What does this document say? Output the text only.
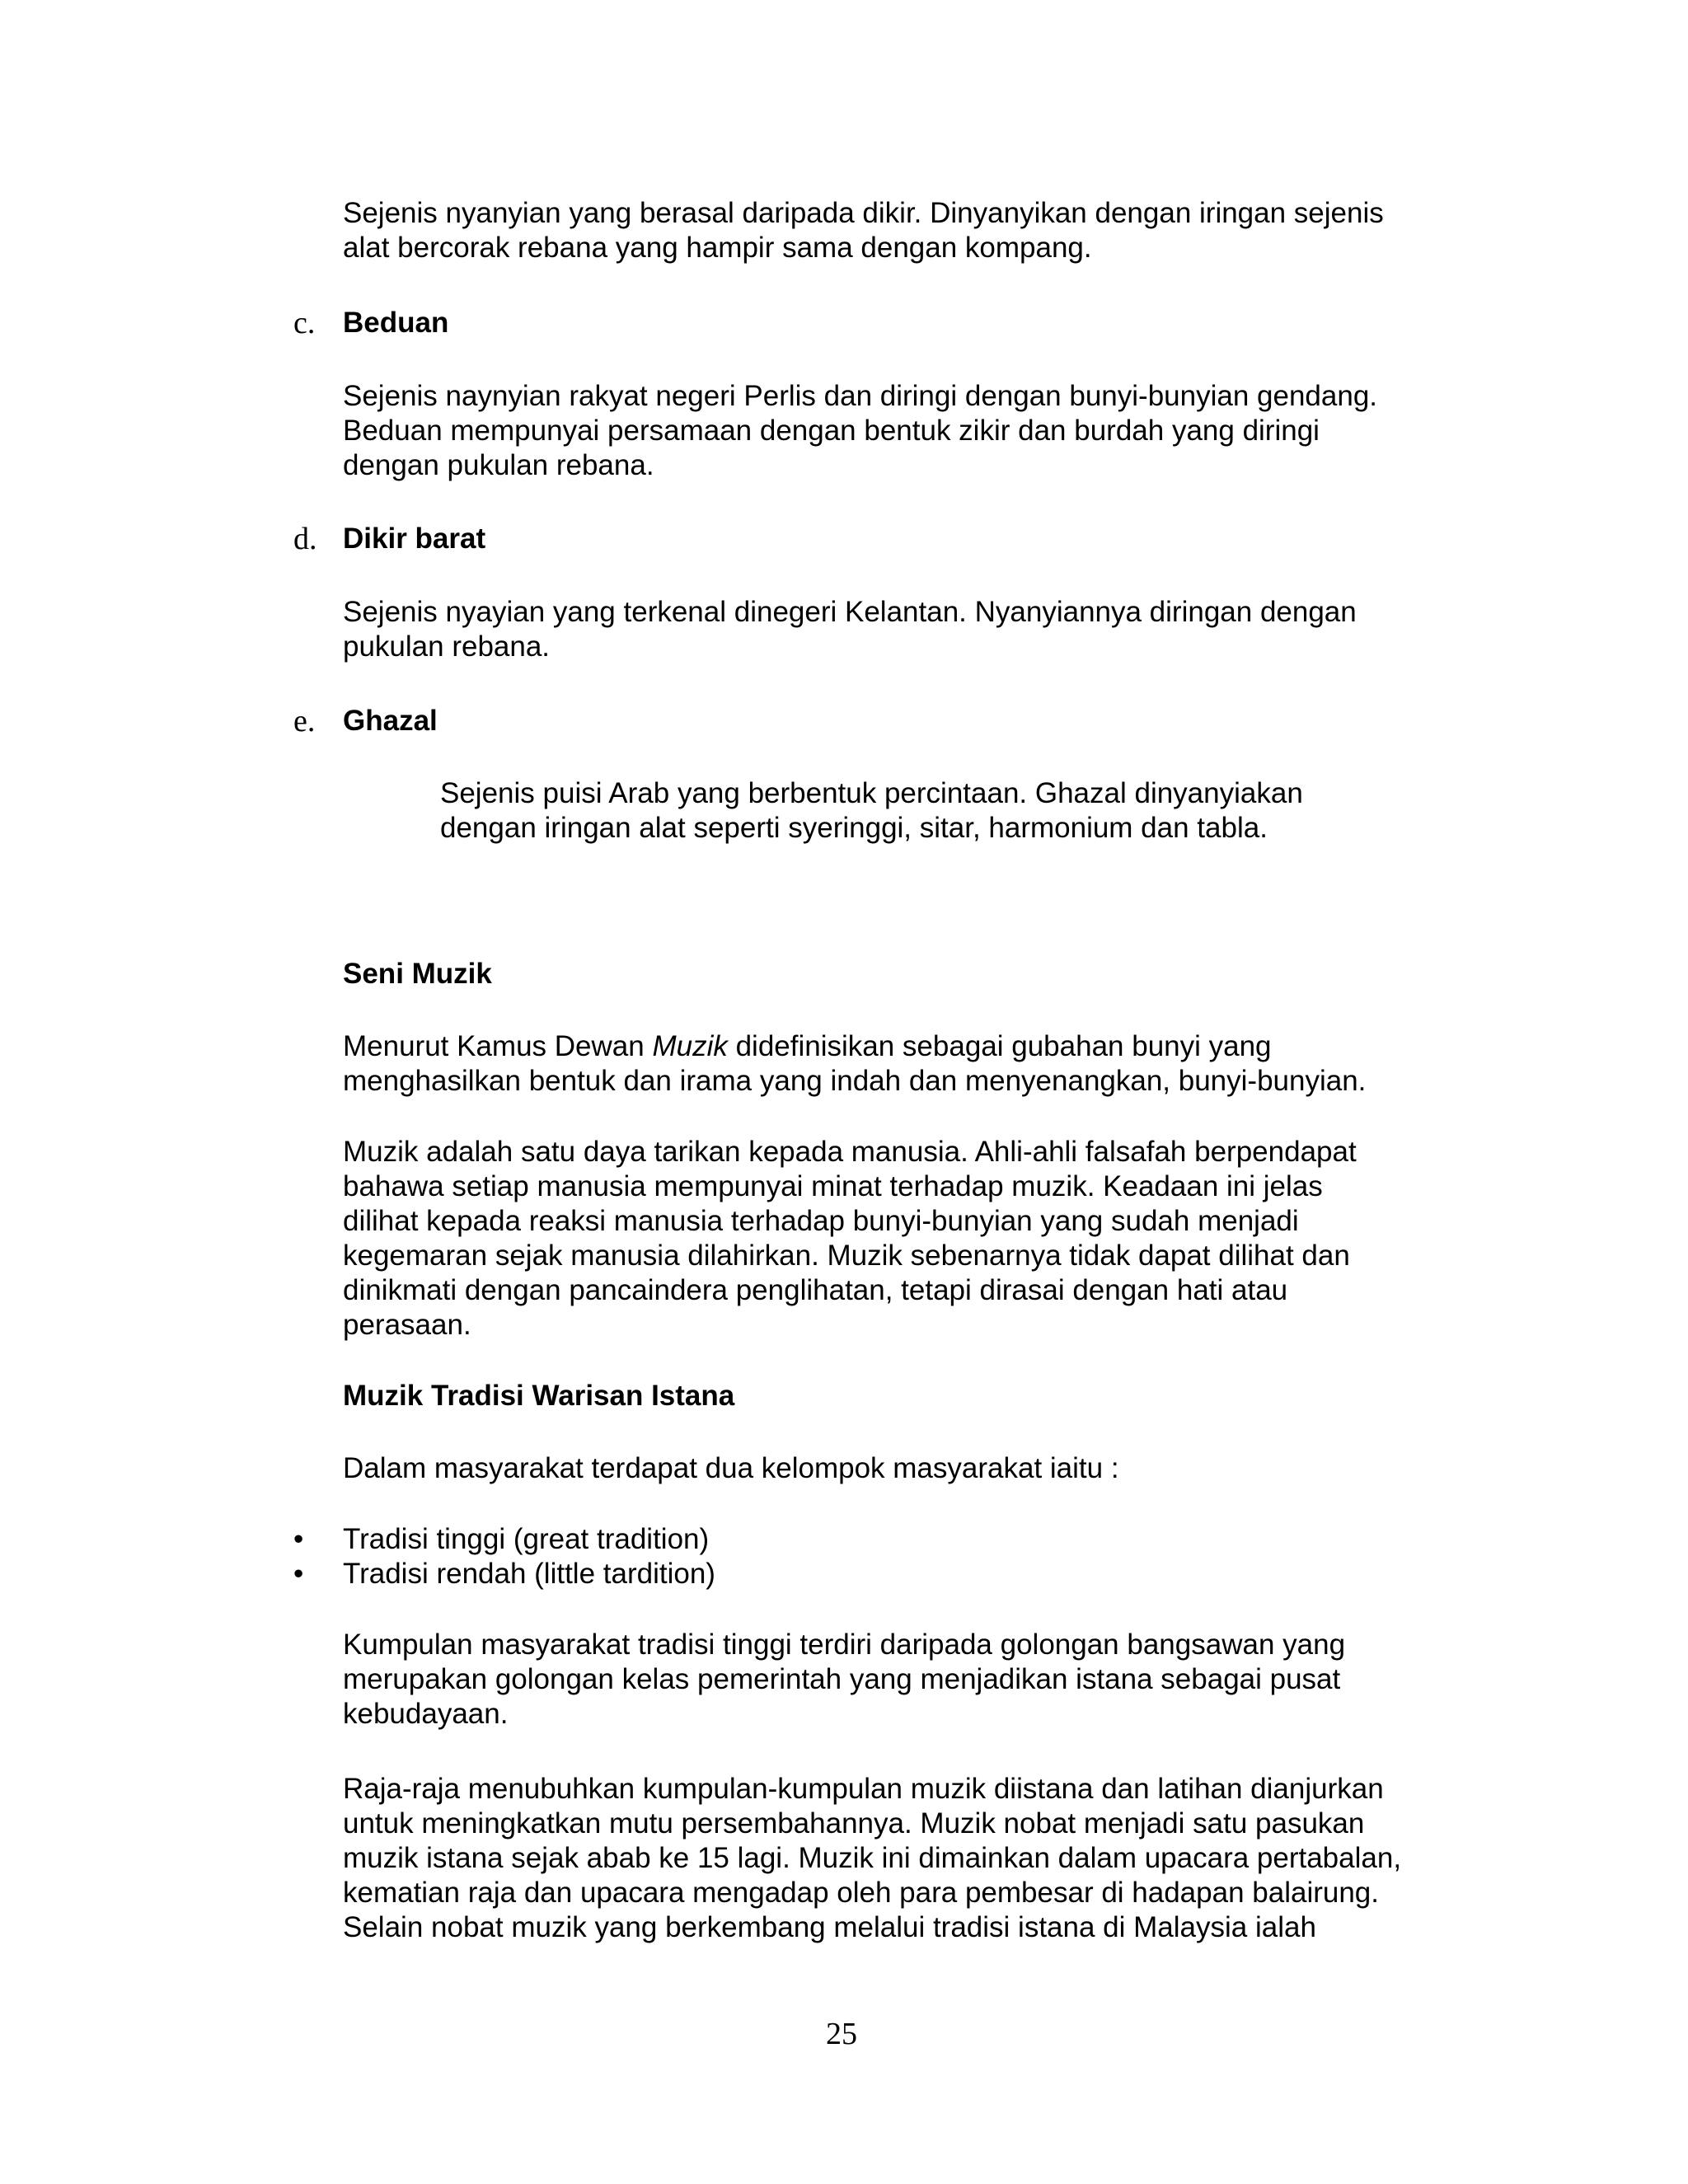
Sejenis nyanyian yang berasal daripada dikir. Dinyanyikan dengan iringan sejenis
alat bercorak rebana yang hampir sama dengan kompang.

c. Beduan

Sejenis naynyian rakyat negeri Perlis dan diringi dengan bunyi-bunyian gendang.
Beduan mempunyai persamaan dengan bentuk zikir dan burdah yang diringi
dengan pukulan rebana.

d. Dikir barat

Sejenis nyayian yang terkenal dinegeri Kelantan. Nyanyiannya diringan dengan
pukulan rebana.

e. Ghazal

Sejenis puisi Arab yang berbentuk percintaan. Ghazal dinyanyiakan
dengan iringan alat seperti syeringgi, sitar, harmonium dan tabla.

Seni Muzik

Menurut Kamus Dewan Muzik didefinisikan sebagai gubahan bunyi yang
menghasilkan bentuk dan irama yang indah dan menyenangkan, bunyi-bunyian.

Muzik adalah satu daya tarikan kepada manusia. Ahli-ahli falsafah berpendapat
bahawa setiap manusia mempunyai minat terhadap muzik. Keadaan ini jelas
dilihat kepada reaksi manusia terhadap bunyi-bunyian yang sudah menjadi
kegemaran sejak manusia dilahirkan. Muzik sebenarnya tidak dapat dilihat dan
dinikmati dengan pancaindera penglihatan, tetapi dirasai dengan hati atau
perasaan.

Muzik Tradisi Warisan Istana

Dalam masyarakat terdapat dua kelompok masyarakat iaitu :

• Tradisi tinggi (great tradition)
• Tradisi rendah (little tardition)

Kumpulan masyarakat tradisi tinggi terdiri daripada golongan bangsawan yang
merupakan golongan kelas pemerintah yang menjadikan istana sebagai pusat
kebudayaan.

Raja-raja menubuhkan kumpulan-kumpulan muzik diistana dan latihan dianjurkan
untuk meningkatkan mutu persembahannya. Muzik nobat menjadi satu pasukan
muzik istana sejak abab ke 15 lagi. Muzik ini dimainkan dalam upacara pertabalan,
kematian raja dan upacara mengadap oleh para pembesar di hadapan balairung.
Selain nobat muzik yang berkembang melalui tradisi istana di Malaysia ialah

25
